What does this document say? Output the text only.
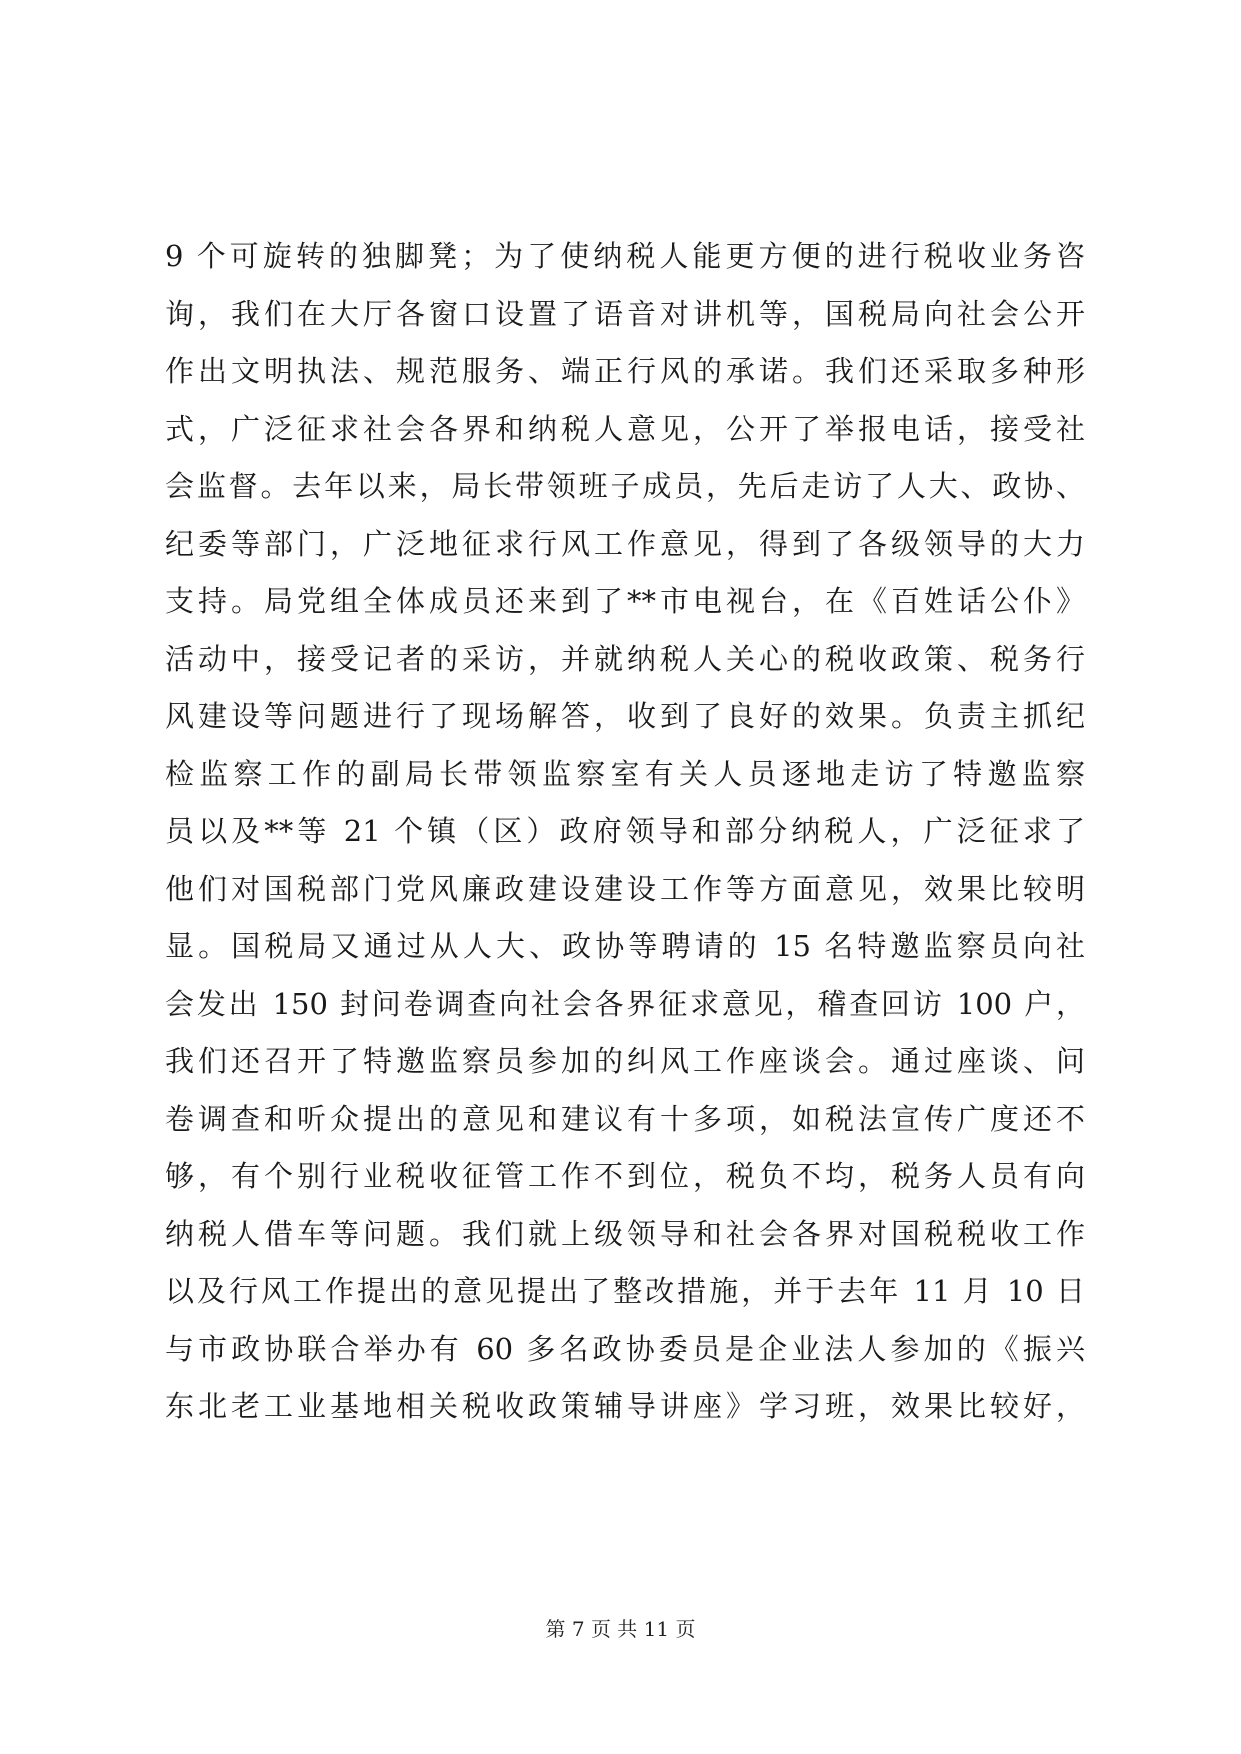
9 个可旋转的独脚凳；为了使纳税人能更方便的进行税收业务咨
询，我们在大厅各窗口设置了语音对讲机等，国税局向社会公开
作出文明执法、规范服务、端正行风的承诺。我们还采取多种形
式，广泛征求社会各界和纳税人意见，公开了举报电话，接受社
会监督。去年以来，局长带领班子成员，先后走访了人大、政协、
纪委等部门，广泛地征求行风工作意见，得到了各级领导的大力
支持。局党组全体成员还来到了**市电视台，在《百姓话公仆》
活动中，接受记者的采访，并就纳税人关心的税收政策、税务行
风建设等问题进行了现场解答，收到了良好的效果。负责主抓纪
检监察工作的副局长带领监察室有关人员逐地走访了特邀监察
员以及**等 21 个镇（区）政府领导和部分纳税人，广泛征求了
他们对国税部门党风廉政建设建设工作等方面意见，效果比较明
显。国税局又通过从人大、政协等聘请的 15 名特邀监察员向社
会发出 150 封问卷调查向社会各界征求意见，稽查回访 100 户，
我们还召开了特邀监察员参加的纠风工作座谈会。通过座谈、问
卷调查和听众提出的意见和建议有十多项，如税法宣传广度还不
够，有个别行业税收征管工作不到位，税负不均，税务人员有向
纳税人借车等问题。我们就上级领导和社会各界对国税税收工作
以及行风工作提出的意见提出了整改措施，并于去年 11 月 10 日
与市政协联合举办有 60 多名政协委员是企业法人参加的《振兴
东北老工业基地相关税收政策辅导讲座》学习班，效果比较好，
第 7 页 共 11 页
